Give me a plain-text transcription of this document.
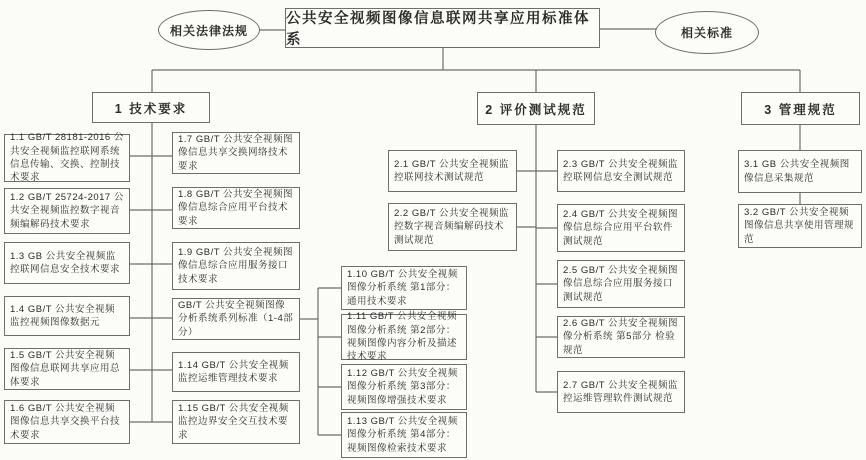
相关法律法规
公共安全视频图像信息联网共享应用标准体系	相关标准
1 技术要求	2 评价测试规范	3 管理规范
1.1 GB/T 28181-2016 公共安全视频监控联网系统信息传输、交换、控制技术要求
1.2 GB/T 25724-2017 公共安全视频监控数字视音频编解码技术要求
1.3 GB 公共安全视频监控联网信息安全技术要求
1.4 GB/T 公共安全视频监控视频图像数据元
1.5 GB/T 公共安全视频图像信息联网共享应用总体要求
1.6 GB/T 公共安全视频图像信息共享交换平台技术要求
1.7 GB/T 公共安全视频图像信息共享交换网络技术要求
1.8 GB/T 公共安全视频图像信息综合应用平台技术要求
1.9 GB/T 公共安全视频图像信息综合应用服务接口技术要求
GB/T 公共安全视频图像分析系统系列标准（1-4部分）
1.14 GB/T 公共安全视频监控运维管理技术要求
1.15 GB/T 公共安全视频监控边界安全交互技术要求
1.10 GB/T 公共安全视频图像分析系统 第1部分： 通用技术要求
1.11 GB/T 公共安全视频图像分析系统 第2部分： 视频图像内容分析及描述技术要求
1.12 GB/T 公共安全视频图像分析系统 第3部分： 视频图像增强技术要求
1.13 GB/T 公共安全视频图像分析系统 第4部分： 视频图像检索技术要求
2.1 GB/T 公共安全视频监控联网技术测试规范
2.2 GB/T 公共安全视频监控数字视音频编解码技术测试规范
2.3 GB/T 公共安全视频监控联网信息安全测试规范
2.4 GB/T 公共安全视频图像信息综合应用平台软件测试规范
2.5 GB/T 公共安全视频图像信息综合应用服务接口测试规范
2.6 GB/T 公共安全视频图像分析系统 第5部分 检验规范
2.7 GB/T 公共安全视频监控运维管理软件测试规范
3.1 GB 公共安全视频图像信息采集规范
3.2 GB/T 公共安全视频图像信息共享使用管理规范
